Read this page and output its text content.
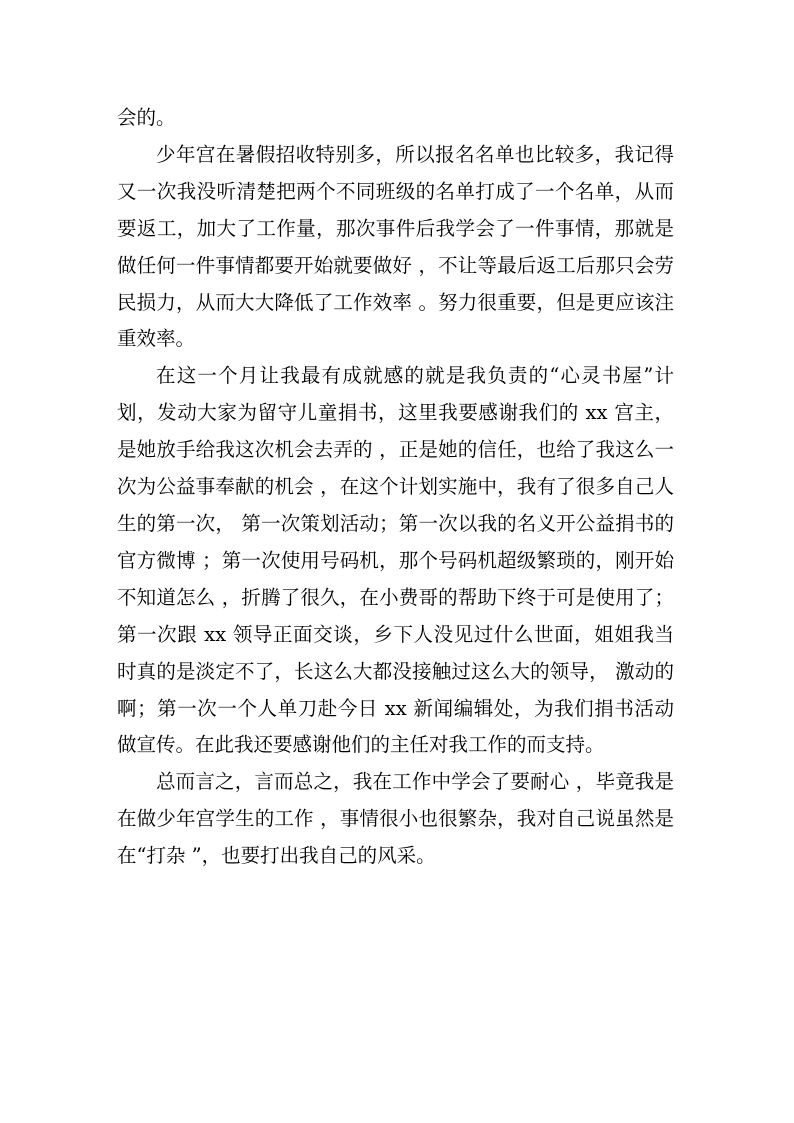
会的。

少年宫在暑假招收特别多，所以报名名单也比较多，我记得又一次我没听清楚把两个不同班级的名单打成了一个名单，从而要返工，加大了工作量，那次事件后我学会了一件事情，那就是做任何一件事情都要开始就要做好 ，不让等最后返工后那只会劳民损力，从而大大降低了工作效率 。努力很重要，但是更应该注重效率。

在这一个月让我最有成就感的就是我负责的“心灵书屋”计划，发动大家为留守儿童捐书，这里我要感谢我们的 xx 宫主，是她放手给我这次机会去弄的 ，正是她的信任，也给了我这么一次为公益事奉献的机会 ，在这个计划实施中，我有了很多自己人生的第一次， 第一次策划活动；第一次以我的名义开公益捐书的官方微博 ；第一次使用号码机，那个号码机超级繁琐的，刚开始不知道怎么 ，折腾了很久，在小费哥的帮助下终于可是使用了；第一次跟 xx 领导正面交谈，乡下人没见过什么世面，姐姐我当时真的是淡定不了，长这么大都没接触过这么大的领导， 激动的啊；第一次一个人单刀赴今日 xx 新闻编辑处，为我们捐书活动做宣传。在此我还要感谢他们的主任对我工作的而支持。

总而言之，言而总之，我在工作中学会了要耐心 ，毕竟我是在做少年宫学生的工作 ，事情很小也很繁杂，我对自己说虽然是在“打杂 ”，也要打出我自己的风采。
